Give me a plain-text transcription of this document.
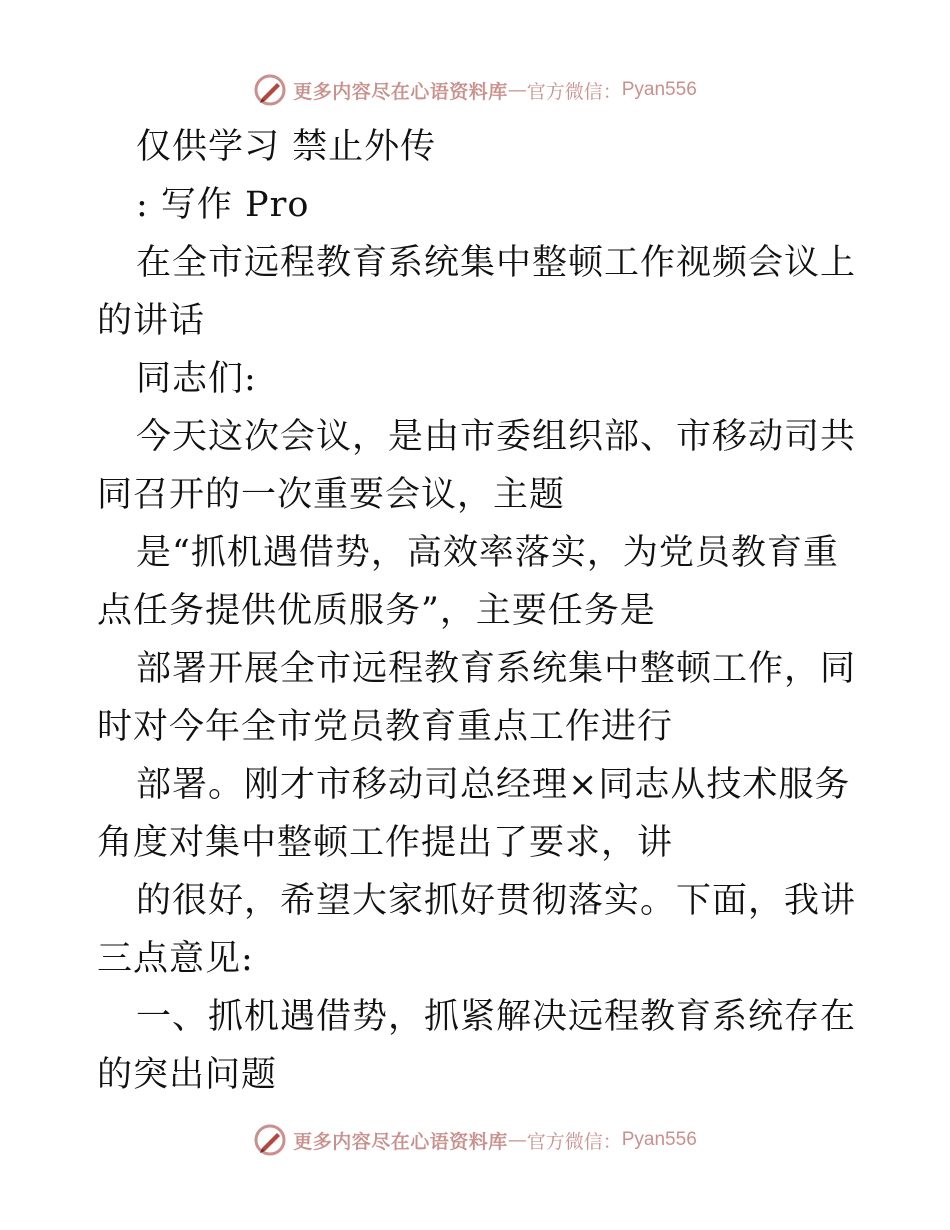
更多内容尽在心语资料库 — 官方微信： Pyan556

仅供学习 禁止外传

: 写作 Pro

在全市远程教育系统集中整顿工作视频会议上的讲话

同志们:

今天这次会议，是由市委组织部、市移动司共同召开的一次重要会议，主题

是“抓机遇借势，高效率落实，为党员教育重点任务提供优质服务”，主要任务是

部署开展全市远程教育系统集中整顿工作，同时对今年全市党员教育重点工作进行

部署。刚才市移动司总经理×同志从技术服务角度对集中整顿工作提出了要求，讲

的很好，希望大家抓好贯彻落实。下面，我讲三点意见:

一、抓机遇借势，抓紧解决远程教育系统存在的突出问题

更多内容尽在心语资料库 — 官方微信： Pyan556
